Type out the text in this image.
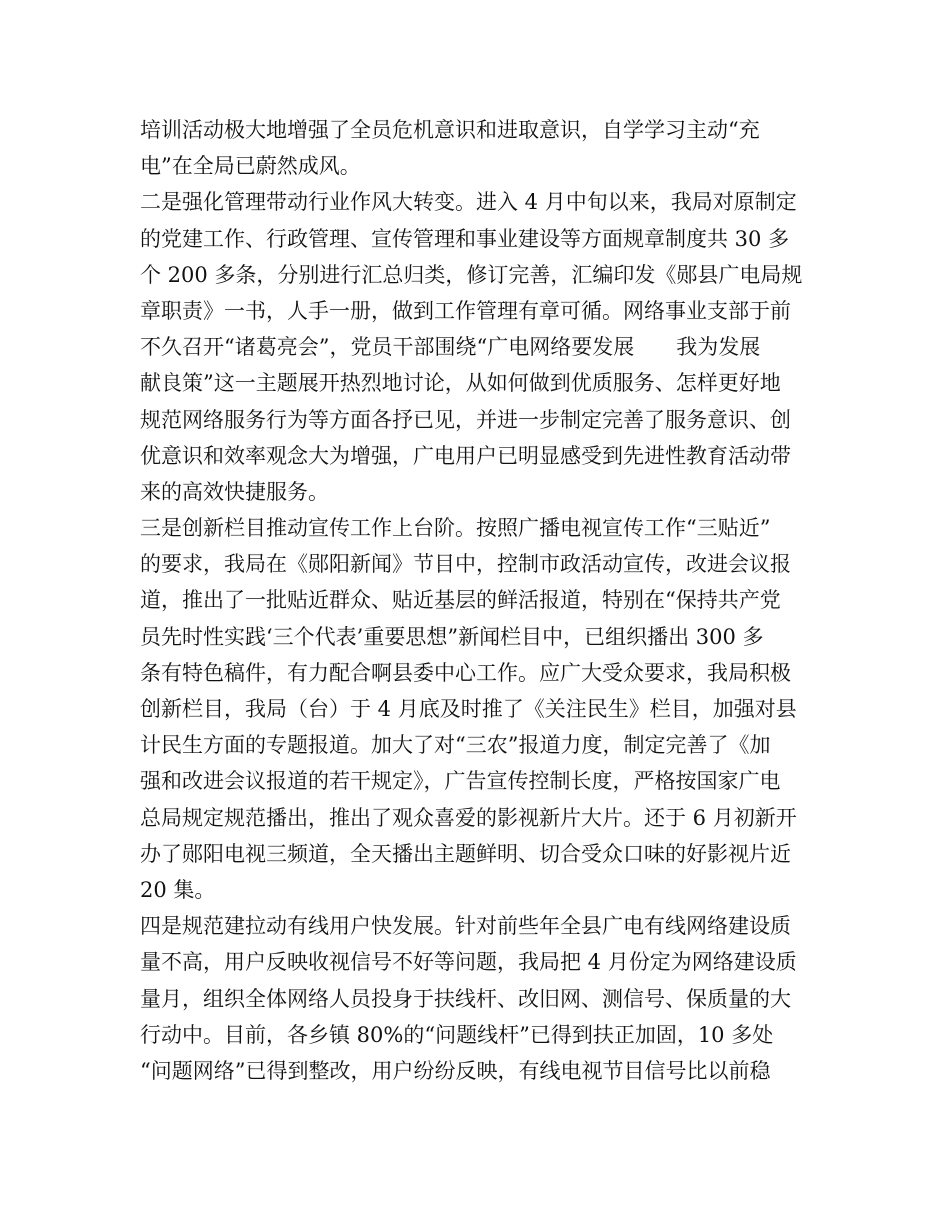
培训活动极大地增强了全员危机意识和进取意识，自学学习主动“充
电”在全局已蔚然成风。
二是强化管理带动行业作风大转变。进入 4 月中旬以来，我局对原制定
的党建工作、行政管理、宣传管理和事业建设等方面规章制度共 30 多
个 200 多条，分别进行汇总归类，修订完善，汇编印发《郧县广电局规
章职责》一书，人手一册，做到工作管理有章可循。网络事业支部于前
不久召开“诸葛亮会”，党员干部围绕“广电网络要发展　　我为发展
献良策”这一主题展开热烈地讨论，从如何做到优质服务、怎样更好地
规范网络服务行为等方面各抒已见，并进一步制定完善了服务意识、创
优意识和效率观念大为增强，广电用户已明显感受到先进性教育活动带
来的高效快捷服务。
三是创新栏目推动宣传工作上台阶。按照广播电视宣传工作“三贴近”
的要求，我局在《郧阳新闻》节目中，控制市政活动宣传，改进会议报
道，推出了一批贴近群众、贴近基层的鲜活报道，特别在“保持共产党
员先时性实践‘三个代表’重要思想”新闻栏目中，已组织播出 300 多
条有特色稿件，有力配合啊县委中心工作。应广大受众要求，我局积极
创新栏目，我局（台）于 4 月底及时推了《关注民生》栏目，加强对县
计民生方面的专题报道。加大了对“三农”报道力度，制定完善了《加
强和改进会议报道的若干规定》，广告宣传控制长度，严格按国家广电
总局规定规范播出，推出了观众喜爱的影视新片大片。还于 6 月初新开
办了郧阳电视三频道，全天播出主题鲜明、切合受众口味的好影视片近
20 集。
四是规范建拉动有线用户快发展。针对前些年全县广电有线网络建设质
量不高，用户反映收视信号不好等问题，我局把 4 月份定为网络建设质
量月，组织全体网络人员投身于扶线杆、改旧网、测信号、保质量的大
行动中。目前，各乡镇 80%的“问题线杆”已得到扶正加固，10 多处
“问题网络”已得到整改，用户纷纷反映，有线电视节目信号比以前稳
